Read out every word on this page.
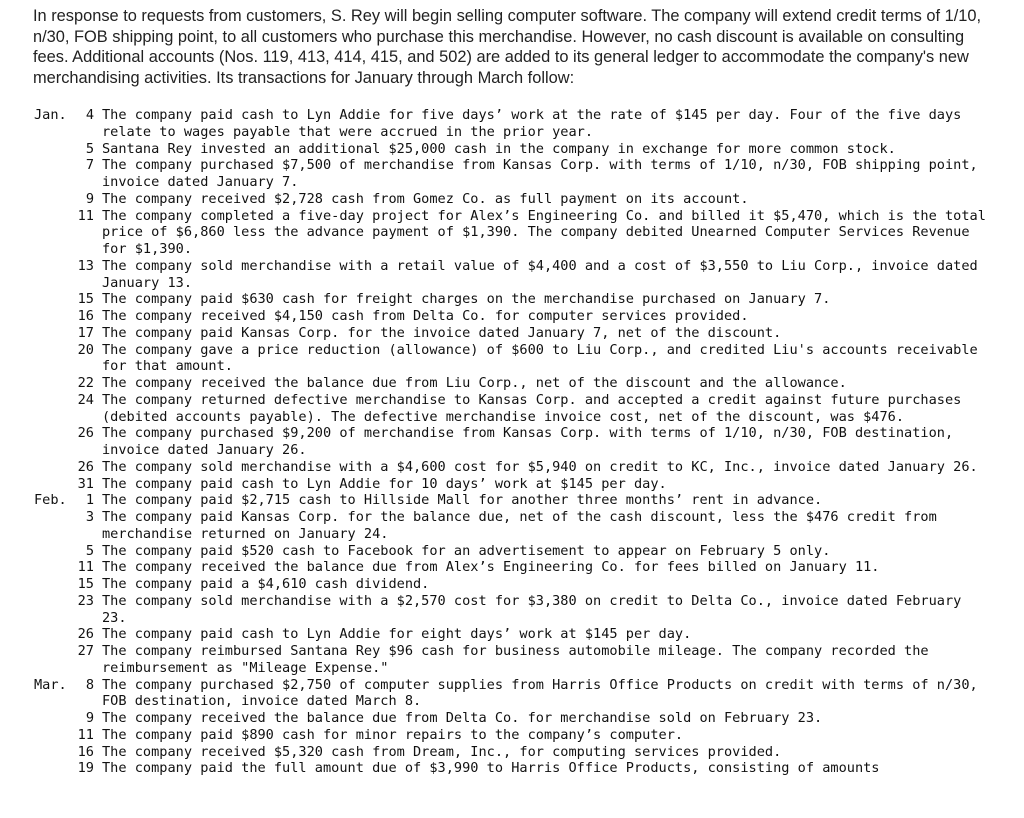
In response to requests from customers, S. Rey will begin selling computer software. The company will extend credit terms of 1/10, n/30, FOB shipping point, to all customers who purchase this merchandise. However, no cash discount is available on consulting fees. Additional accounts (Nos. 119, 413, 414, 415, and 502) are added to its general ledger to accommodate the company's new merchandising activities. Its transactions for January through March follow:

Jan.	4 The company paid cash to Lyn Addie for five days’ work at the rate of $145 per day. Four of the five days relate to wages payable that were accrued in the prior year.
5 Santana Rey invested an additional $25,000 cash in the company in exchange for more common stock.
7 The company purchased $7,500 of merchandise from Kansas Corp. with terms of 1/10, n/30, FOB shipping point, invoice dated January 7.
9 The company received $2,728 cash from Gomez Co. as full payment on its account.
11 The company completed a five-day project for Alex’s Engineering Co. and billed it $5,470, which is the total price of $6,860 less the advance payment of $1,390. The company debited Unearned Computer Services Revenue for $1,390.
13 The company sold merchandise with a retail value of $4,400 and a cost of $3,550 to Liu Corp., invoice dated January 13.
15 The company paid $630 cash for freight charges on the merchandise purchased on January 7.
16 The company received $4,150 cash from Delta Co. for computer services provided.
17 The company paid Kansas Corp. for the invoice dated January 7, net of the discount.
20 The company gave a price reduction (allowance) of $600 to Liu Corp., and credited Liu's accounts receivable for that amount.
22 The company received the balance due from Liu Corp., net of the discount and the allowance.
24 The company returned defective merchandise to Kansas Corp. and accepted a credit against future purchases (debited accounts payable). The defective merchandise invoice cost, net of the discount, was $476.
26 The company purchased $9,200 of merchandise from Kansas Corp. with terms of 1/10, n/30, FOB destination, invoice dated January 26.
26 The company sold merchandise with a $4,600 cost for $5,940 on credit to KC, Inc., invoice dated January 26.
31 The company paid cash to Lyn Addie for 10 days’ work at $145 per day.
Feb.	1 The company paid $2,715 cash to Hillside Mall for another three months’ rent in advance.
3 The company paid Kansas Corp. for the balance due, net of the cash discount, less the $476 credit from merchandise returned on January 24.
5 The company paid $520 cash to Facebook for an advertisement to appear on February 5 only.
11 The company received the balance due from Alex’s Engineering Co. for fees billed on January 11.
15 The company paid a $4,610 cash dividend.
23 The company sold merchandise with a $2,570 cost for $3,380 on credit to Delta Co., invoice dated February 23.
26 The company paid cash to Lyn Addie for eight days’ work at $145 per day.
27 The company reimbursed Santana Rey $96 cash for business automobile mileage. The company recorded the reimbursement as "Mileage Expense."
Mar.	8 The company purchased $2,750 of computer supplies from Harris Office Products on credit with terms of n/30, FOB destination, invoice dated March 8.
9 The company received the balance due from Delta Co. for merchandise sold on February 23.
11 The company paid $890 cash for minor repairs to the company’s computer.
16 The company received $5,320 cash from Dream, Inc., for computing services provided.
19 The company paid the full amount due of $3,990 to Harris Office Products, consisting of amounts
